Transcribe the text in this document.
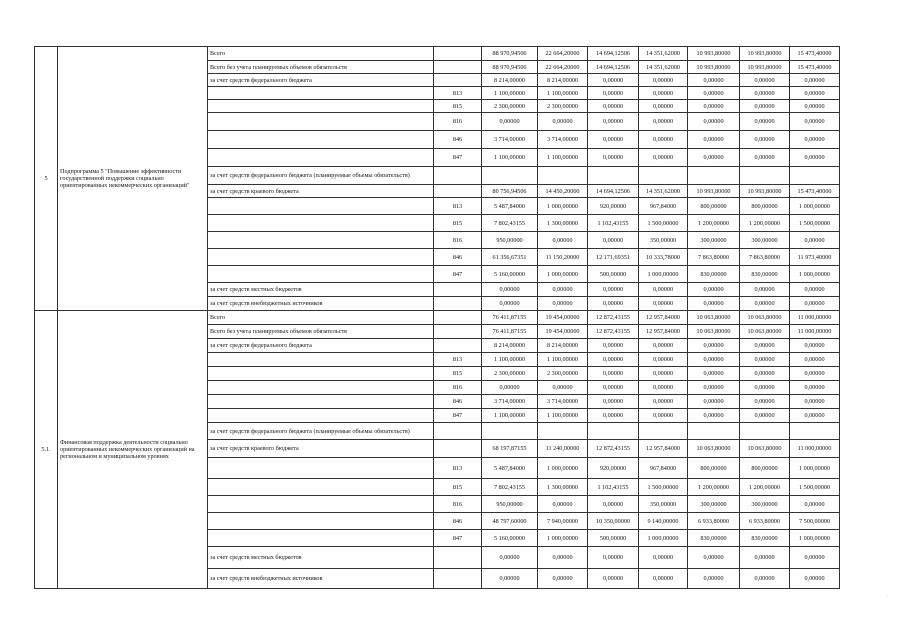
5	Подпрограмма 5 "Повышение эффективности государственной поддержки социально ориентированных некоммерческих организаций"	Всего		88 970,94506	22 664,20000	14 694,12506	14 351,62000	10 993,80000	10 993,80000	15 473,40000
		Всего без учета планируемых объемов обязательств		88 970,94506	22 664,20000	14 694,12506	14 351,62000	10 993,80000	10 993,80000	15 473,40000
		за счет средств федерального бюджета		8 214,00000	8 214,00000	0,00000	0,00000	0,00000	0,00000	0,00000
			813	1 100,00000	1 100,00000	0,00000	0,00000	0,00000	0,00000	0,00000
			815	2 300,00000	2 300,00000	0,00000	0,00000	0,00000	0,00000	0,00000
			816	0,00000	0,00000	0,00000	0,00000	0,00000	0,00000	0,00000
			846	3 714,00000	3 714,00000	0,00000	0,00000	0,00000	0,00000	0,00000
			847	1 100,00000	1 100,00000	0,00000	0,00000	0,00000	0,00000	0,00000
		за счет средств федерального бюджета (планируемые объемы обязательств)								
		за счет средств краевого бюджета		80 756,94506	14 450,20000	14 694,12506	14 351,62000	10 993,80000	10 993,80000	15 473,40000
			813	5 487,84000	1 000,00000	920,00000	967,84000	800,00000	800,00000	1 000,00000
			815	7 802,43155	1 300,00000	1 102,43155	1 500,00000	1 200,00000	1 200,00000	1 500,00000
			816	950,00000	0,00000	0,00000	350,00000	300,00000	300,00000	0,00000
			846	61 356,67351	11 150,20000	12 171,69351	10 333,78000	7 863,80000	7 863,80000	11 973,40000
			847	5 160,00000	1 000,00000	500,00000	1 000,00000	830,00000	830,00000	1 000,00000
		за счет средств местных бюджетов		0,00000	0,00000	0,00000	0,00000	0,00000	0,00000	0,00000
		за счет средств внебюджетных источников		0,00000	0,00000	0,00000	0,00000	0,00000	0,00000	0,00000
5.1.	Финансовая поддержка деятельности социально ориентированных некоммерческих организаций на региональном и муниципальном уровнях	Всего		76 411,87155	19 454,00000	12 872,43155	12 957,84000	10 063,80000	10 063,80000	11 000,00000
		Всего без учета планируемых объемов обязательств		76 411,87155	19 454,00000	12 872,43155	12 957,84000	10 063,80000	10 063,80000	11 000,00000
		за счет средств федерального бюджета		8 214,00000	8 214,00000	0,00000	0,00000	0,00000	0,00000	0,00000
			813	1 100,00000	1 100,00000	0,00000	0,00000	0,00000	0,00000	0,00000
			815	2 300,00000	2 300,00000	0,00000	0,00000	0,00000	0,00000	0,00000
			816	0,00000	0,00000	0,00000	0,00000	0,00000	0,00000	0,00000
			846	3 714,00000	3 714,00000	0,00000	0,00000	0,00000	0,00000	0,00000
			847	1 100,00000	1 100,00000	0,00000	0,00000	0,00000	0,00000	0,00000
		за счет средств федерального бюджета (планируемые объемы обязательств)								
		за счет средств краевого бюджета		68 197,87155	11 240,00000	12 872,43155	12 957,84000	10 063,80000	10 063,80000	11 000,00000
			813	5 487,84000	1 000,00000	920,00000	967,84000	800,00000	800,00000	1 000,00000
			815	7 802,43155	1 300,00000	1 102,43155	1 500,00000	1 200,00000	1 200,00000	1 500,00000
			816	950,00000	0,00000	0,00000	350,00000	300,00000	300,00000	0,00000
			846	48 797,60000	7 940,00000	10 350,00000	9 140,00000	6 933,80000	6 933,80000	7 500,00000
			847	5 160,00000	1 000,00000	500,00000	1 000,00000	830,00000	830,00000	1 000,00000
		за счет средств местных бюджетов		0,00000	0,00000	0,00000	0,00000	0,00000	0,00000	0,00000
		за счет средств внебюджетных источников		0,00000	0,00000	0,00000	0,00000	0,00000	0,00000	0,00000
·
